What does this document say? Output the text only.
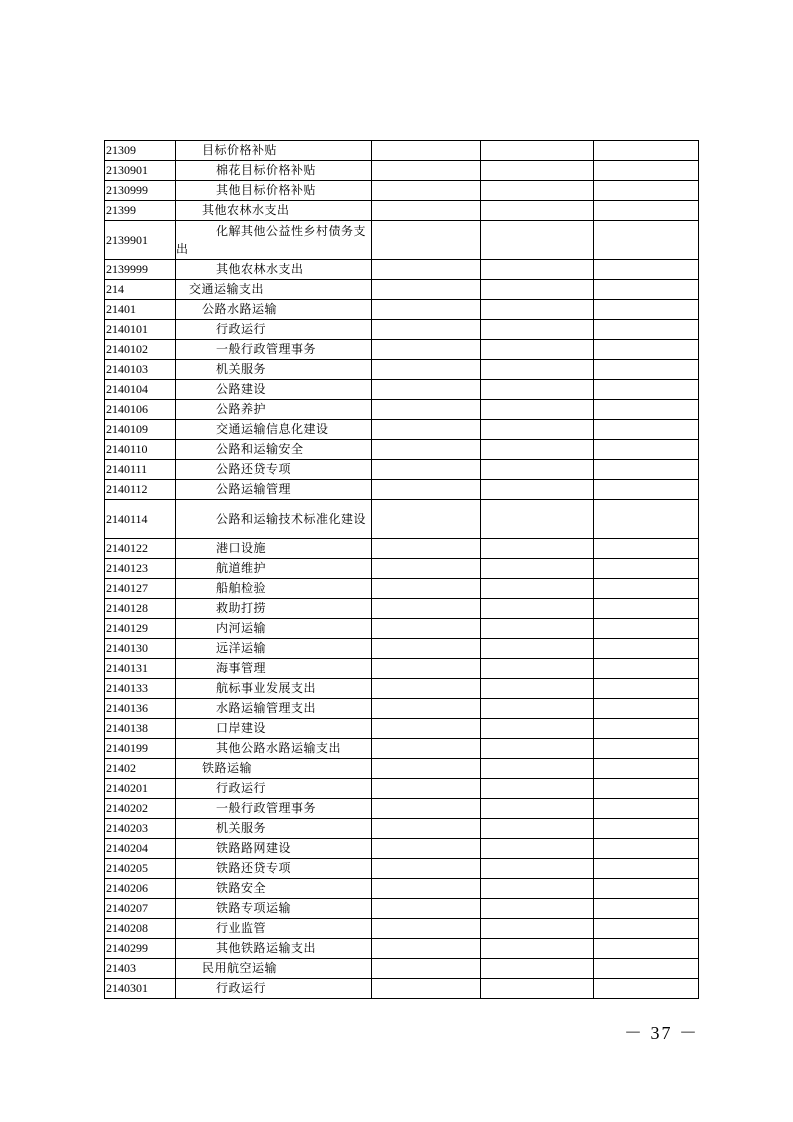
21309	目标价格补贴			
2130901	棉花目标价格补贴			
2130999	其他目标价格补贴			
21399	其他农林水支出			
2139901	化解其他公益性乡村债务支出			
2139999	其他农林水支出			
214	交通运输支出			
21401	公路水路运输			
2140101	行政运行			
2140102	一般行政管理事务			
2140103	机关服务			
2140104	公路建设			
2140106	公路养护			
2140109	交通运输信息化建设			
2140110	公路和运输安全			
2140111	公路还贷专项			
2140112	公路运输管理			
2140114	公路和运输技术标准化建设			
2140122	港口设施			
2140123	航道维护			
2140127	船舶检验			
2140128	救助打捞			
2140129	内河运输			
2140130	远洋运输			
2140131	海事管理			
2140133	航标事业发展支出			
2140136	水路运输管理支出			
2140138	口岸建设			
2140199	其他公路水路运输支出			
21402	铁路运输			
2140201	行政运行			
2140202	一般行政管理事务			
2140203	机关服务			
2140204	铁路路网建设			
2140205	铁路还贷专项			
2140206	铁路安全			
2140207	铁路专项运输			
2140208	行业监管			
2140299	其他铁路运输支出			
21403	民用航空运输			
2140301	行政运行			
－ 37 －
